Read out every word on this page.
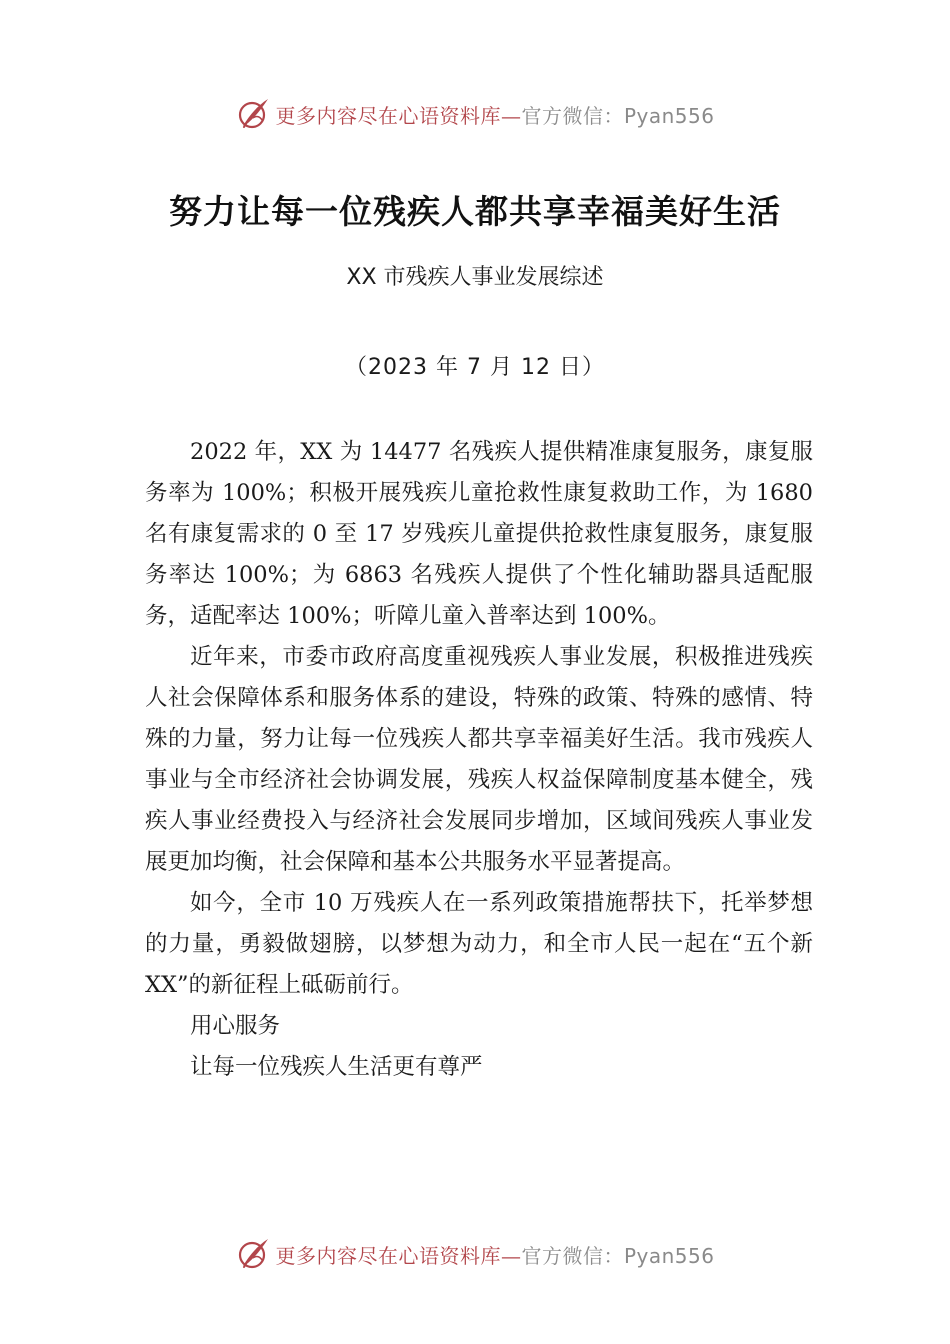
更多内容尽在心语资料库— 官方微信：Pyan556
努力让每一位残疾人都共享幸福美好生活
XX 市残疾人事业发展综述
（2023 年 7 月 12 日）

2022 年，XX 为 14477 名残疾人提供精准康复服务，康复服务率为 100%；积极开展残疾儿童抢救性康复救助工作，为 1680 名有康复需求的 0 至 17 岁残疾儿童提供抢救性康复服务，康复服务率达 100%；为 6863 名残疾人提供了个性化辅助器具适配服务，适配率达 100%；听障儿童入普率达到 100%。

近年来，市委市政府高度重视残疾人事业发展，积极推进残疾人社会保障体系和服务体系的建设，特殊的政策、特殊的感情、特殊的力量，努力让每一位残疾人都共享幸福美好生活。我市残疾人事业与全市经济社会协调发展，残疾人权益保障制度基本健全，残疾人事业经费投入与经济社会发展同步增加，区域间残疾人事业发展更加均衡，社会保障和基本公共服务水平显著提高。

如今，全市 10 万残疾人在一系列政策措施帮扶下，托举梦想的力量，勇毅做翅膀，以梦想为动力，和全市人民一起在“五个新 XX”的新征程上砥砺前行。

用心服务

让每一位残疾人生活更有尊严

更多内容尽在心语资料库— 官方微信：Pyan556
